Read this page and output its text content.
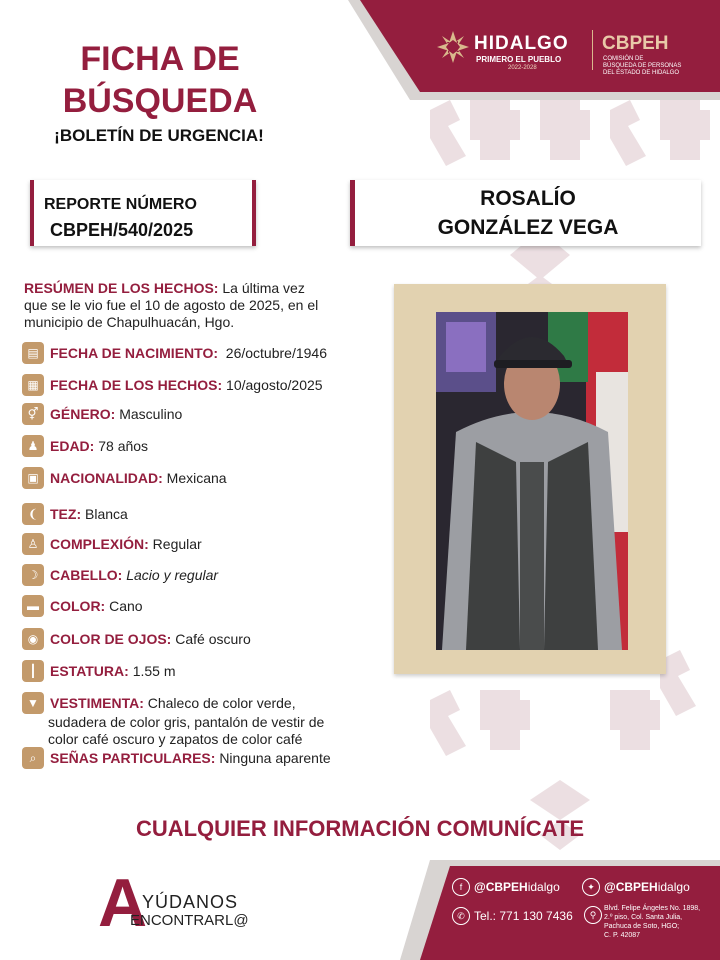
HIDALGO
PRIMERO EL PUEBLO
2022-2028
CBPEH
COMISIÓN DE
BÚSQUEDA DE PERSONAS
DEL ESTADO DE HIDALGO
FICHA DE
BÚSQUEDA
¡BOLETÍN DE URGENCIA!
REPORTE NÚMERO
CBPEH/540/2025
ROSALÍO
GONZÁLEZ VEGA
RESÚMEN DE LOS HECHOS: La última vez
que se le vio fue el 10 de agosto de 2025, en el
municipio de Chapulhuacán, Hgo.
▤ FECHA DE NACIMIENTO:
26/octubre/1946
▦ FECHA DE LOS HECHOS:
10/agosto/2025
⚥ GÉNERO:
Masculino
♟ EDAD:
78 años
▣ NACIONALIDAD:
Mexicana
❨ TEZ:
Blanca
♙ COMPLEXIÓN:
Regular
☽ CABELLO:
Lacio y regular
▬ COLOR:
Cano
◉ COLOR DE OJOS:
Café oscuro
┃ ESTATURA:
1.55 m
▼ VESTIMENTA:
Chaleco de color verde,
sudadera de color gris, pantalón de vestir de
color café oscuro y zapatos de color café
⌕ SEÑAS PARTICULARES:
Ninguna aparente
CUALQUIER INFORMACIÓN COMUNÍCATE
A
YÚDANOS
ENCONTRARL@
f @CBPEH idalgo	✦ @CBPEH idalgo
✆ Tel.: 771 130 7436	⚲
Blvd. Felipe Ángeles No. 1898,
2.º piso, Col. Santa Julia,
Pachuca de Soto, HGO;
C. P. 42087
